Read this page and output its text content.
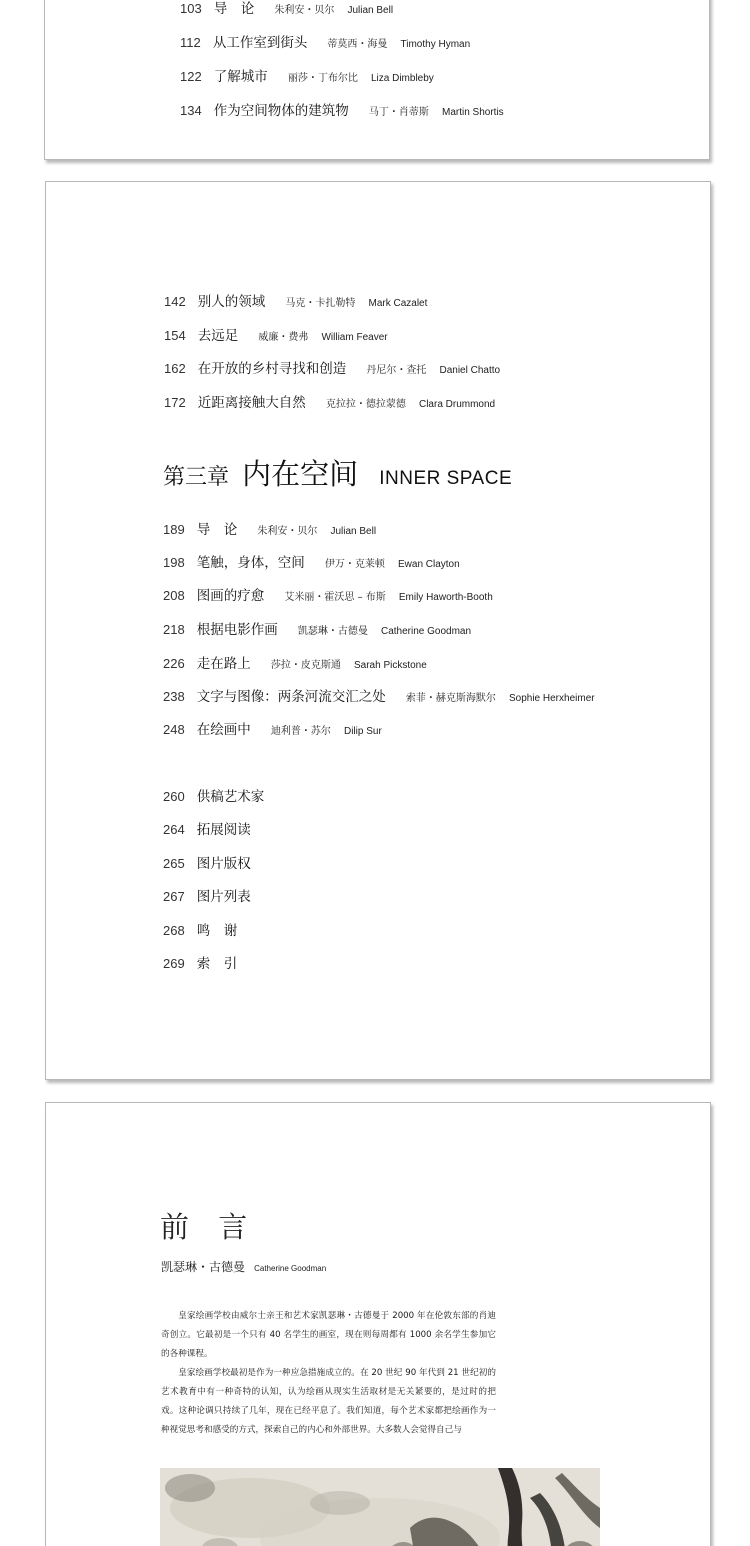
103 导　论 朱利安・贝尔 Julian Bell
112 从工作室到街头 蒂莫西・海曼 Timothy Hyman
122 了解城市 丽莎・丁布尔比 Liza Dimbleby
134 作为空间物体的建筑物 马丁・肖蒂斯 Martin Shortis
142 别人的领域 马克・卡扎勒特 Mark Cazalet
154 去远足 威廉・费弗 William Feaver
162 在开放的乡村寻找和创造 丹尼尔・查托 Daniel Chatto
172 近距离接触大自然 克拉拉・德拉蒙德 Clara Drummond
第三章 内在空间 INNER SPACE
189 导　论 朱利安・贝尔 Julian Bell
198 笔触，身体，空间 伊万・克莱顿 Ewan Clayton
208 图画的疗愈 艾米丽・霍沃思 – 布斯 Emily Haworth-Booth
218 根据电影作画 凯瑟琳・古德曼 Catherine Goodman
226 走在路上 莎拉・皮克斯通 Sarah Pickstone
238 文字与图像：两条河流交汇之处 索菲・赫克斯海默尔 Sophie Herxheimer
248 在绘画中 迪利普・苏尔 Dilip Sur
260 供稿艺术家
264 拓展阅读
265 图片版权
267 图片列表
268 鸣　谢
269 索　引
前 言
凯瑟琳・古德曼 Catherine Goodman

皇家绘画学校由威尔士亲王和艺术家凯瑟琳・古德曼于 2000 年在伦敦东部的肖迪奇创立。它最初是一个只有 40 名学生的画室，现在则每周都有 1000 余名学生参加它的各种课程。

皇家绘画学校最初是作为一种应急措施成立的。在 20 世纪 90 年代到 21 世纪初的艺术教育中有一种奇特的认知，认为绘画从现实生活取材是无关紧要的，是过时的把戏。这种论调只持续了几年，现在已经平息了。我们知道，每个艺术家都把绘画作为一种视觉思考和感受的方式，探索自己的内心和外部世界。大多数人会觉得自己与
